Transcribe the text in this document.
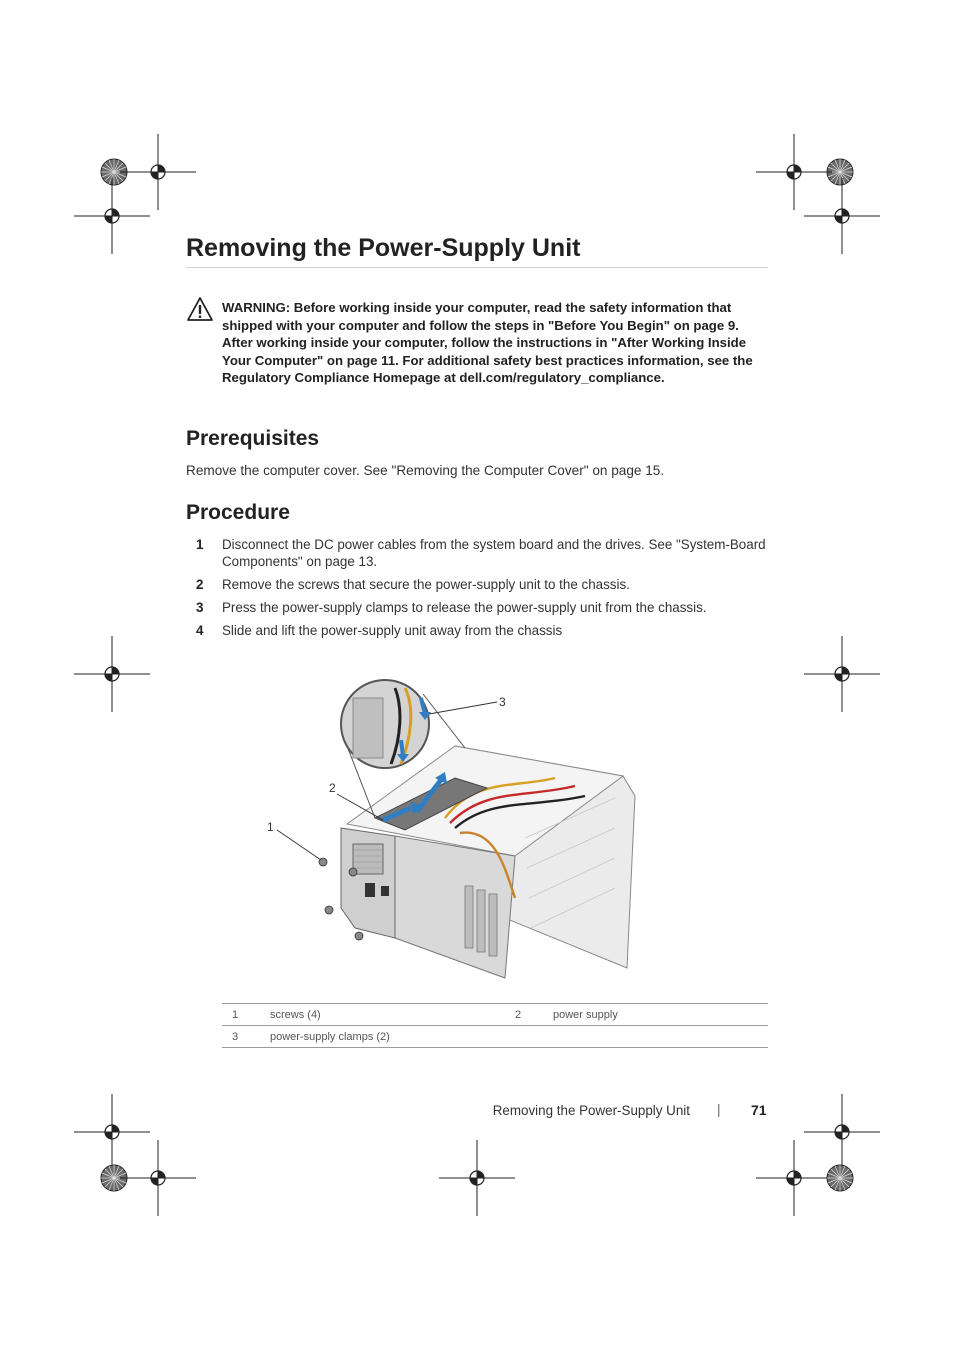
Removing the Power-Supply Unit
WARNING: Before working inside your computer, read the safety information that shipped with your computer and follow the steps in "Before You Begin" on page 9. After working inside your computer, follow the instructions in "After Working Inside Your Computer" on page 11. For additional safety best practices information, see the Regulatory Compliance Homepage at dell.com/regulatory_compliance.
Prerequisites
Remove the computer cover. See "Removing the Computer Cover" on page 15.
Procedure
1 Disconnect the DC power cables from the system board and the drives. See "System-Board Components" on page 13.
2 Remove the screws that secure the power-supply unit to the chassis.
3 Press the power-supply clamps to release the power-supply unit from the chassis.
4 Slide and lift the power-supply unit away from the chassis
1
2
3
1	screws (4)	2	power supply
3	power-supply clamps (2)		
Removing the Power-Supply Unit | 71
